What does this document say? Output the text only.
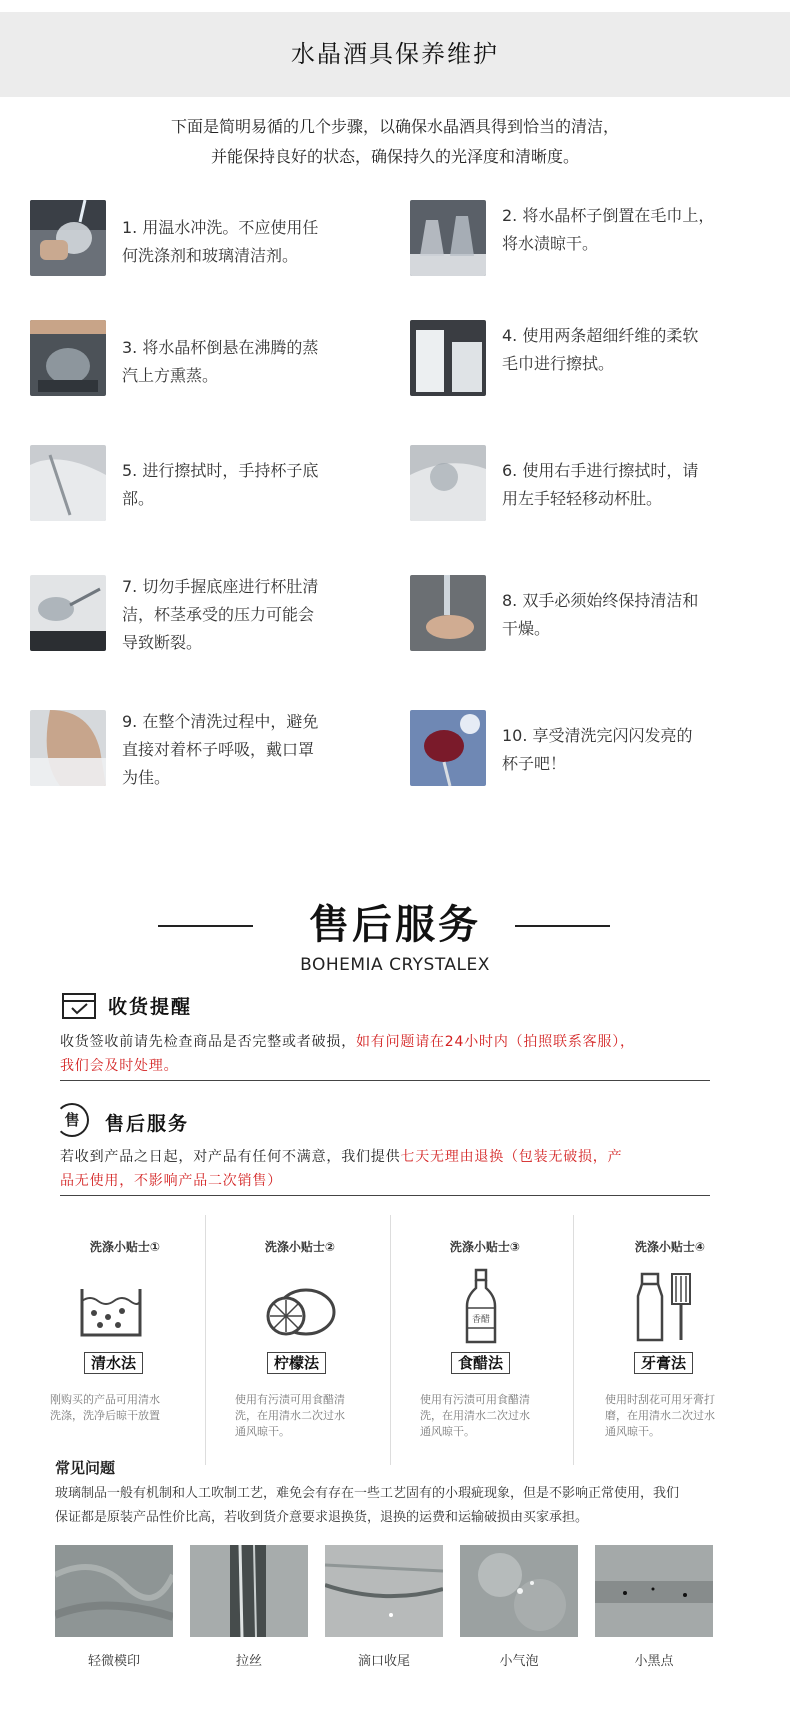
水晶酒具保养维护
下面是简明易循的几个步骤，以确保水晶酒具得到恰当的清洁，
并能保持良好的状态，确保持久的光泽度和清晰度。
1. 用温水冲洗。不应使用任
何洗涤剂和玻璃清洁剂。
2. 将水晶杯子倒置在毛巾上，
将水渍晾干。
3. 将水晶杯倒悬在沸腾的蒸
汽上方熏蒸。
4. 使用两条超细纤维的柔软
毛巾进行擦拭。
5. 进行擦拭时，手持杯子底
部。
6. 使用右手进行擦拭时，请
用左手轻轻移动杯肚。
7. 切勿手握底座进行杯肚清
洁，杯茎承受的压力可能会
导致断裂。
8. 双手必须始终保持清洁和
干燥。
9. 在整个清洗过程中，避免
直接对着杯子呼吸，戴口罩
为佳。
10. 享受清洗完闪闪发亮的
杯子吧！
售后服务
BOHEMIA CRYSTALEX
收货提醒
收货签收前请先检查商品是否完整或者破损，如有问题请在24小时内（拍照联系客服），
我们会及时处理。
售	售后服务
若收到产品之日起，对产品有任何不满意，我们提供七天无理由退换（包装无破损，产
品无使用，不影响产品二次销售）
洗涤小贴士①
清水法
刚购买的产品可用清水
洗涤，洗净后晾干放置
洗涤小贴士②
柠檬法
使用有污渍可用食醋清
洗，在用清水二次过水
通风晾干。
洗涤小贴士③
香醋
食醋法
使用有污渍可用食醋清
洗，在用清水二次过水
通风晾干。
洗涤小贴士④
牙膏法
使用时刮花可用牙膏打
磨，在用清水二次过水
通风晾干。
常见问题
玻璃制品一般有机制和人工吹制工艺，难免会有存在一些工艺固有的小瑕疵现象，但是不影响正常使用，我们
保证都是原装产品性价比高，若收到货介意要求退换货，退换的运费和运输破损由买家承担。
轻微模印	拉丝	滴口收尾	小气泡	小黑点
